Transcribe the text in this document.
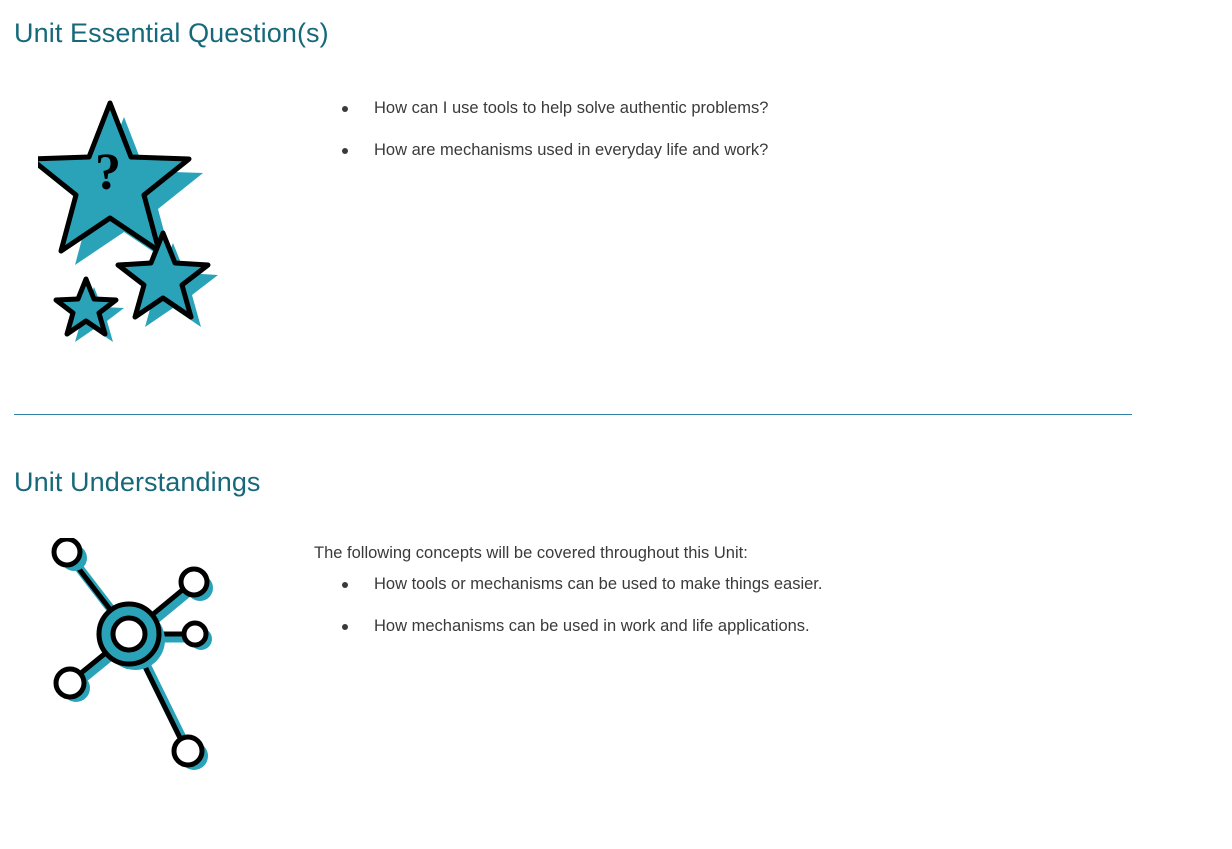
Unit Essential Question(s)
?
How can I use tools to help solve authentic problems?
How are mechanisms used in everyday life and work?
Unit Understandings

The following concepts will be covered throughout this Unit:

How tools or mechanisms can be used to make things easier.
How mechanisms can be used in work and life applications.
